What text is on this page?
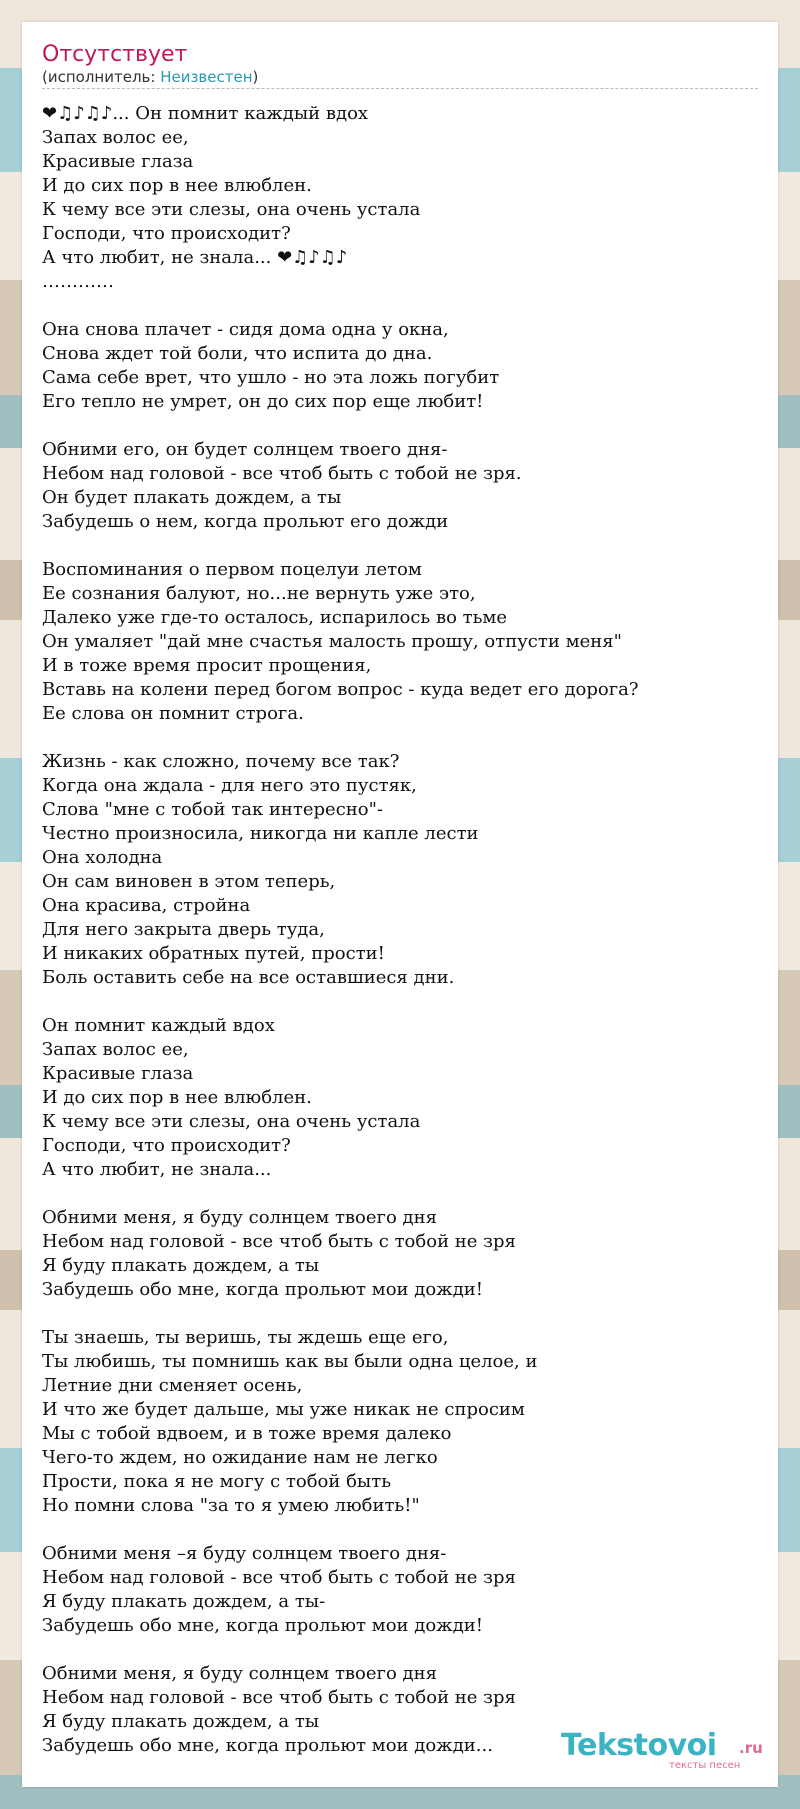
Отсутствует
(исполнитель: Неизвестен)
❤♫♪♫♪... Он помнит каждый вдох
Запах волос ее,
Красивые глаза
И до сих пор в нее влюблен.
К чему все эти слезы, она очень устала
Господи, что происходит?
А что любит, не знала... ❤♫♪♫♪
…………

Она снова плачет - сидя дома одна у окна,
Снова ждет той боли, что испита до дна.
Сама себе врет, что ушло - но эта ложь погубит
Его тепло не умрет, он до сих пор еще любит!

Обними его, он будет солнцем твоего дня-
Небом над головой - все чтоб быть с тобой не зря.
Он будет плакать дождем, а ты
Забудешь о нем, когда прольют его дожди

Воспоминания о первом поцелуи летом
Ее сознания балуют, но...не вернуть уже это,
Далеко уже где-то осталось, испарилось во тьме
Он умаляет "дай мне счастья малость прошу, отпусти меня"
И в тоже время просит прощения,
Вставь на колени перед богом вопрос - куда ведет его дорога?
Ее слова он помнит строга.

Жизнь - как сложно, почему все так?
Когда она ждала - для него это пустяк,
Слова "мне с тобой так интересно"-
Честно произносила, никогда ни капле лести
Она холодна
Он сам виновен в этом теперь,
Она красива, стройна
Для него закрыта дверь туда,
И никаких обратных путей, прости!
Боль оставить себе на все оставшиеся дни.

Он помнит каждый вдох
Запах волос ее,
Красивые глаза
И до сих пор в нее влюблен.
К чему все эти слезы, она очень устала
Господи, что происходит?
А что любит, не знала...

Обними меня, я буду солнцем твоего дня
Небом над головой - все чтоб быть с тобой не зря
Я буду плакать дождем, а ты
Забудешь обо мне, когда прольют мои дожди!

Ты знаешь, ты веришь, ты ждешь еще его,
Ты любишь, ты помнишь как вы были одна целое, и
Летние дни сменяет осень,
И что же будет дальше, мы уже никак не спросим
Мы с тобой вдвоем, и в тоже время далеко
Чего-то ждем, но ожидание нам не легко
Прости, пока я не могу с тобой быть
Но помни слова "за то я умею любить!"

Обними меня –я буду солнцем твоего дня-
Небом над головой - все чтоб быть с тобой не зря
Я буду плакать дождем, а ты-
Забудешь обо мне, когда прольют мои дожди!

Обними меня, я буду солнцем твоего дня
Небом над головой - все чтоб быть с тобой не зря
Я буду плакать дождем, а ты
Забудешь обо мне, когда прольют мои дожди...	Tekstovoi .ru
тексты песен
